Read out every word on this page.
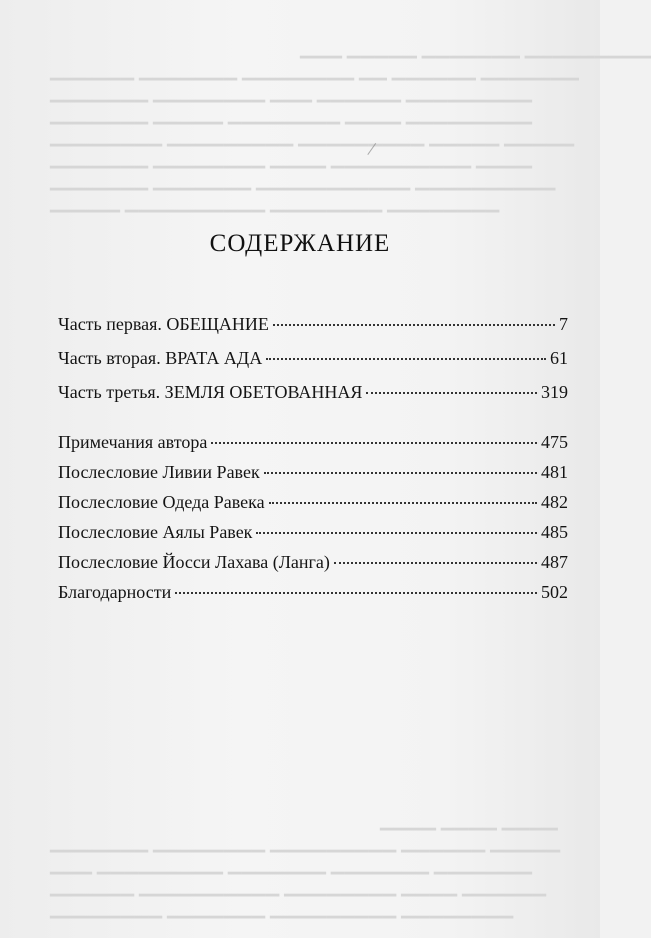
▁▁▁ ▁▁▁▁▁ ▁▁▁▁▁▁▁ ▁▁▁▁▁▁▁▁▁
▁▁▁▁▁▁ ▁▁▁▁▁▁▁ ▁▁▁▁▁▁▁▁ ▁▁ ▁▁▁▁▁▁ ▁▁▁▁▁▁▁
▁▁▁▁▁▁▁ ▁▁▁▁▁▁▁▁ ▁▁▁ ▁▁▁▁▁▁ ▁▁▁▁▁▁▁▁▁
▁▁▁▁▁▁▁ ▁▁▁▁▁ ▁▁▁▁▁▁▁▁ ▁▁▁▁ ▁▁▁▁▁▁▁▁▁
▁▁▁▁▁▁▁▁ ▁▁▁▁▁▁▁▁▁ ▁▁▁▁▁▁▁▁▁ ▁▁▁▁▁ ▁▁▁▁▁
▁▁▁▁▁▁▁ ▁▁▁▁▁▁▁▁ ▁▁▁▁ ▁▁▁▁▁▁▁▁▁▁ ▁▁▁▁
▁▁▁▁▁▁▁ ▁▁▁▁▁▁▁ ▁▁▁▁▁▁▁▁▁▁▁ ▁▁▁▁▁▁▁▁▁▁
▁▁▁▁▁ ▁▁▁▁▁▁▁▁▁▁ ▁▁▁▁▁▁▁▁ ▁▁▁▁▁▁▁▁
СОДЕРЖАНИЕ
Часть первая. ОБЕЩАНИЕ	7
Часть вторая. ВРАТА АДА	61
Часть третья. ЗЕМЛЯ ОБЕТОВАННАЯ	319
Примечания автора	475
Послесловие Ливии Равек	481
Послесловие Одеда Равека	482
Послесловие Аялы Равек	485
Послесловие Йосси Лахава (Ланга)	487
Благодарности	502
▁▁▁▁ ▁▁▁▁ ▁▁▁▁
▁▁▁▁▁▁▁ ▁▁▁▁▁▁▁▁ ▁▁▁▁▁▁▁▁▁ ▁▁▁▁▁▁ ▁▁▁▁▁
▁▁▁ ▁▁▁▁▁▁▁▁▁ ▁▁▁▁▁▁▁ ▁▁▁▁▁▁▁ ▁▁▁▁▁▁▁
▁▁▁▁▁▁ ▁▁▁▁▁▁▁▁▁▁ ▁▁▁▁▁▁▁▁ ▁▁▁▁ ▁▁▁▁▁▁
▁▁▁▁▁▁▁▁ ▁▁▁▁▁▁▁ ▁▁▁▁▁▁▁▁▁ ▁▁▁▁▁▁▁▁
